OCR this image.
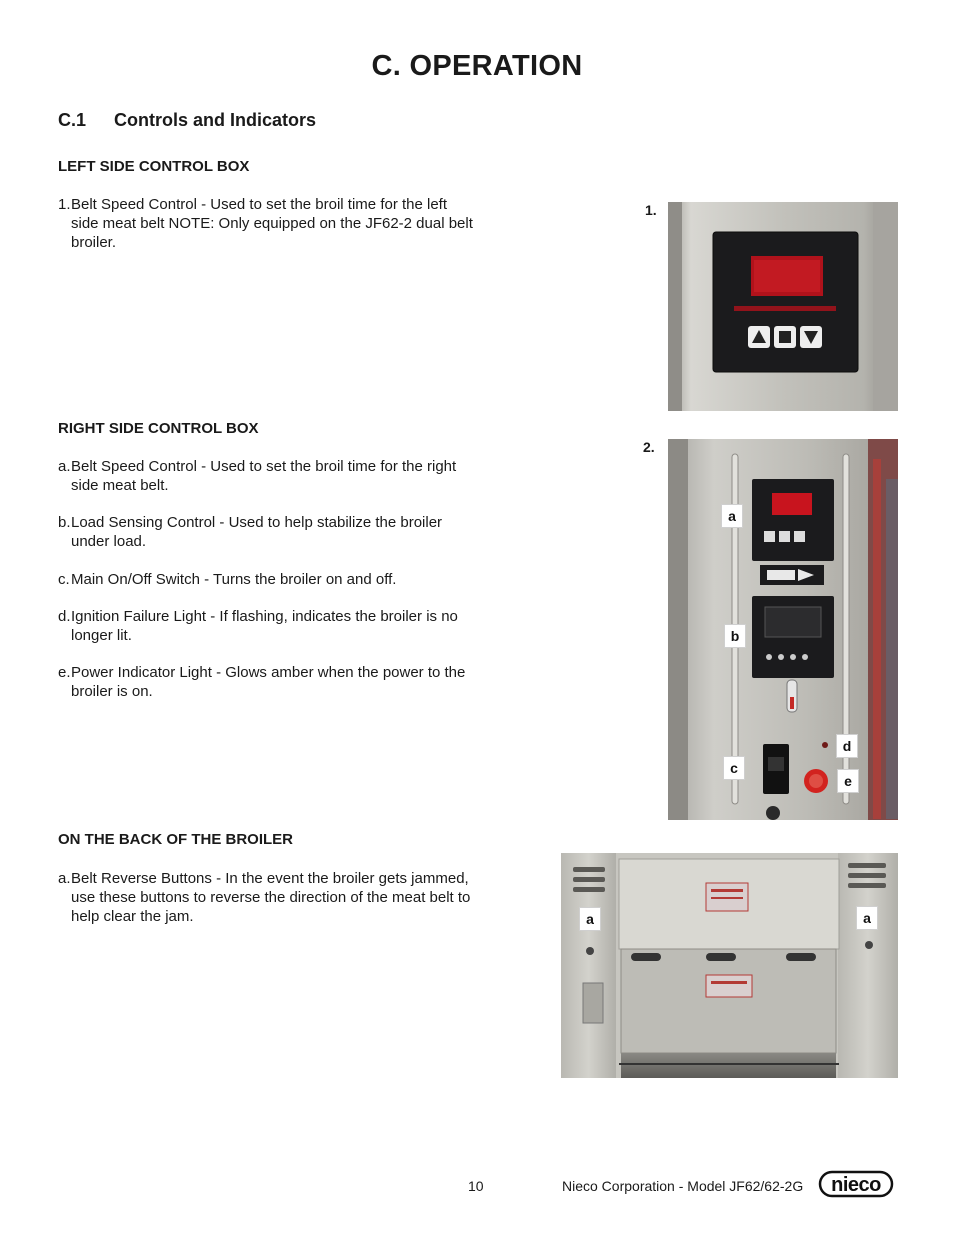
C. OPERATION
C.1 Controls and Indicators
LEFT SIDE CONTROL BOX
1. Belt Speed Control - Used to set the broil time for the left side meat belt NOTE: Only equipped on the JF62-2 dual belt broiler.
RIGHT SIDE CONTROL BOX
a. Belt Speed Control - Used to set the broil time for the right side meat belt.
b. Load Sensing Control - Used to help stabilize the broiler under load.
c. Main On/Off Switch - Turns the broiler on and off.
d. Ignition Failure Light - If flashing, indicates the broiler is no longer lit.
e. Power Indicator Light - Glows amber when the power to the broiler is on.
ON THE BACK OF THE BROILER
a. Belt Reverse Buttons - In the event the broiler gets jammed, use these buttons to reverse the direction of the meat belt to help clear the jam.
1.
2.
a
b
c
d
e
a	a
10	Nieco Corporation - Model JF62/62-2G nieco
